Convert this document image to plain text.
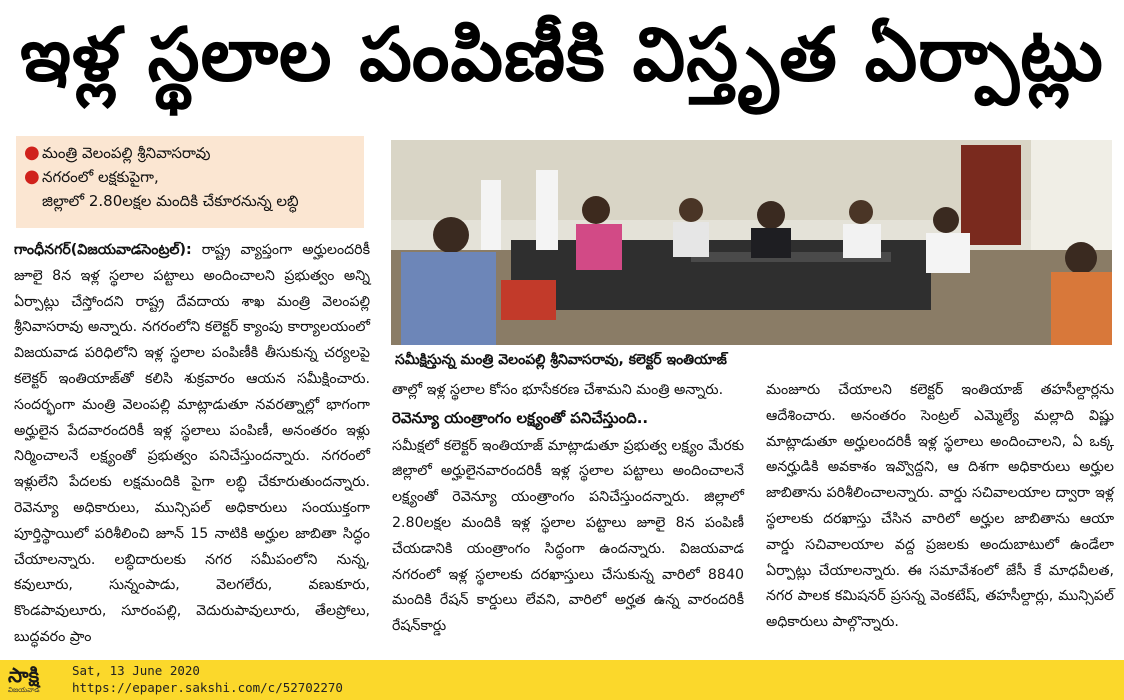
ఇళ్ల స్థలాల పంపిణీకి విస్తృత ఏర్పాట్లు
● మంత్రి వెలంపల్లి శ్రీనివాసరావు
● నగరంలో లక్షకుపైగా,
జిల్లాలో 2.80లక్షల మందికి చేకూరనున్న లబ్ధి
సమీక్షిస్తున్న మంత్రి వెలంపల్లి శ్రీనివాసరావు, కలెక్టర్ ఇంతియాజ్

గాంధీనగర్(విజయవాడసెంట్రల్): రాష్ట్ర వ్యాప్తంగా అర్హులందరికీ జూలై 8న ఇళ్ల స్థలాల పట్టాలు అందించాలని ప్రభుత్వం అన్ని ఏర్పాట్లు చేస్తోందని రాష్ట్ర దేవదాయ శాఖ మంత్రి వెలంపల్లి శ్రీనివాసరావు అన్నారు. నగరంలోని కలెక్టర్ క్యాంపు కార్యాలయంలో విజయవాడ పరిధిలోని ఇళ్ల స్థలాల పంపిణీకి తీసుకున్న చర్యలపై కలెక్టర్ ఇంతియాజ్‌తో కలిసి శుక్రవారం ఆయన సమీక్షించారు. సందర్భంగా మంత్రి వెలంపల్లి మాట్లాడుతూ నవరత్నాల్లో భాగంగా అర్హులైన పేదవారందరికీ ఇళ్ల స్థలాలు పంపిణీ, అనంతరం ఇళ్లు నిర్మించాలనే లక్ష్యంతో ప్రభుత్వం పనిచేస్తుందన్నారు. నగరంలో ఇళ్లులేని పేదలకు లక్షమందికి పైగా లబ్ధి చేకూరుతుందన్నారు. రెవెన్యూ అధికారులు, మున్సిపల్ అధికారులు సంయుక్తంగా పూర్తిస్థాయిలో పరిశీలించి జూన్ 15 నాటికి అర్హుల జాబితా సిద్ధం చేయాలన్నారు. లబ్ధిదారులకు నగర సమీపంలోని నున్న, కవులూరు, సున్నంపాడు, వెలగలేరు, వణుకూరు, కొండపావులూరు, సూరంపల్లి, వెదురుపావులూరు, తేలప్రోలు, బుద్ధవరం ప్రాం

తాల్లో ఇళ్ల స్థలాల కోసం భూసేకరణ చేశామని మంత్రి అన్నారు.

రెవెన్యూ యంత్రాంగం లక్ష్యంతో పనిచేస్తుంది..

సమీక్షలో కలెక్టర్ ఇంతియాజ్ మాట్లాడుతూ ప్రభుత్వ లక్ష్యం మేరకు జిల్లాలో అర్హులైనవారందరికీ ఇళ్ల స్థలాల పట్టాలు అందించాలనే లక్ష్యంతో రెవెన్యూ యంత్రాంగం పనిచేస్తుందన్నారు. జిల్లాలో 2.80లక్షల మందికి ఇళ్ల స్థలాల పట్టాలు జూలై 8న పంపిణీ చేయడానికి యంత్రాంగం సిద్ధంగా ఉందన్నారు. విజయవాడ నగరంలో ఇళ్ల స్థలాలకు దరఖాస్తులు చేసుకున్న వారిలో 8840 మందికి రేషన్ కార్డులు లేవని, వారిలో అర్హత ఉన్న వారందరికీ రేషన్‌కార్డు

మంజూరు చేయాలని కలెక్టర్ ఇంతియాజ్ తహసీల్దార్లను ఆదేశించారు. అనంతరం సెంట్రల్ ఎమ్మెల్యే మల్లాది విష్ణు మాట్లాడుతూ అర్హులందరికీ ఇళ్ల స్థలాలు అందించాలని, ఏ ఒక్క అనర్హుడికి అవకాశం ఇవ్వొద్దని, ఆ దిశగా అధికారులు అర్హుల జాబితాను పరిశీలించాలన్నారు. వార్డు సచివాలయాల ద్వారా ఇళ్ల స్థలాలకు దరఖాస్తు చేసిన వారిలో అర్హుల జాబితాను ఆయా వార్డు సచివాలయాల వద్ద ప్రజలకు అందుబాటులో ఉండేలా ఏర్పాట్లు చేయాలన్నారు. ఈ సమావేశంలో జేసీ కే మాధవీలత, నగర పాలక కమిషనర్ ప్రసన్న వెంకటేష్, తహసీల్దార్లు, మున్సిపల్ అధికారులు పాల్గొన్నారు.

సాక్షి
విజయవాడ
Sat, 13 June 2020
https://epaper.sakshi.com/c/52702270
